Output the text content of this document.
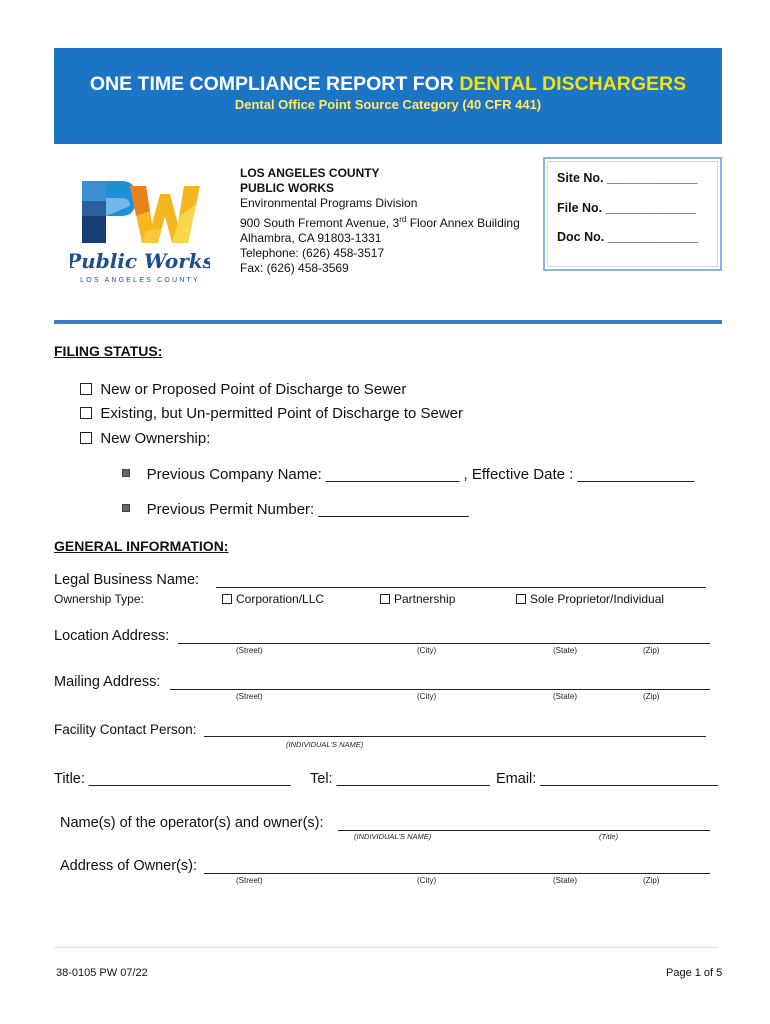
ONE TIME COMPLIANCE REPORT FOR DENTAL DISCHARGERS
Dental Office Point Source Category (40 CFR 441)
Public Works
LOS ANGELES COUNTY
LOS ANGELES COUNTY
PUBLIC WORKS
Environmental Programs Division
900 South Fremont Avenue, 3rd Floor Annex Building
Alhambra, CA 91803-1331
Telephone: (626) 458-3517
Fax: (626) 458-3569
Site No. _____________
File No. _____________
Doc No. _____________
FILING STATUS:
New or Proposed Point of Discharge to Sewer
Existing, but Un-permitted Point of Discharge to Sewer
New Ownership:
Previous Company Name: ________________ , Effective Date : ______________
Previous Permit Number: __________________
GENERAL INFORMATION:
Legal Business Name:
Ownership Type:	Corporation/LLC	Partnership	Sole Proprietor/Individual
Location Address:
(Street)	(City)	(State)	(Zip)
Mailing Address:
(Street)	(City)	(State)	(Zip)
Facility Contact Person:
(INDIVIDUAL'S NAME)
Title: _________________________ Tel: ___________________ Email: ______________________
Name(s) of the operator(s) and owner(s):
(INDIVIDUAL'S NAME)	(Title)
Address of Owner(s):
(Street)	(City)	(State)	(Zip)
38-0105 PW 07/22	Page 1 of 5
